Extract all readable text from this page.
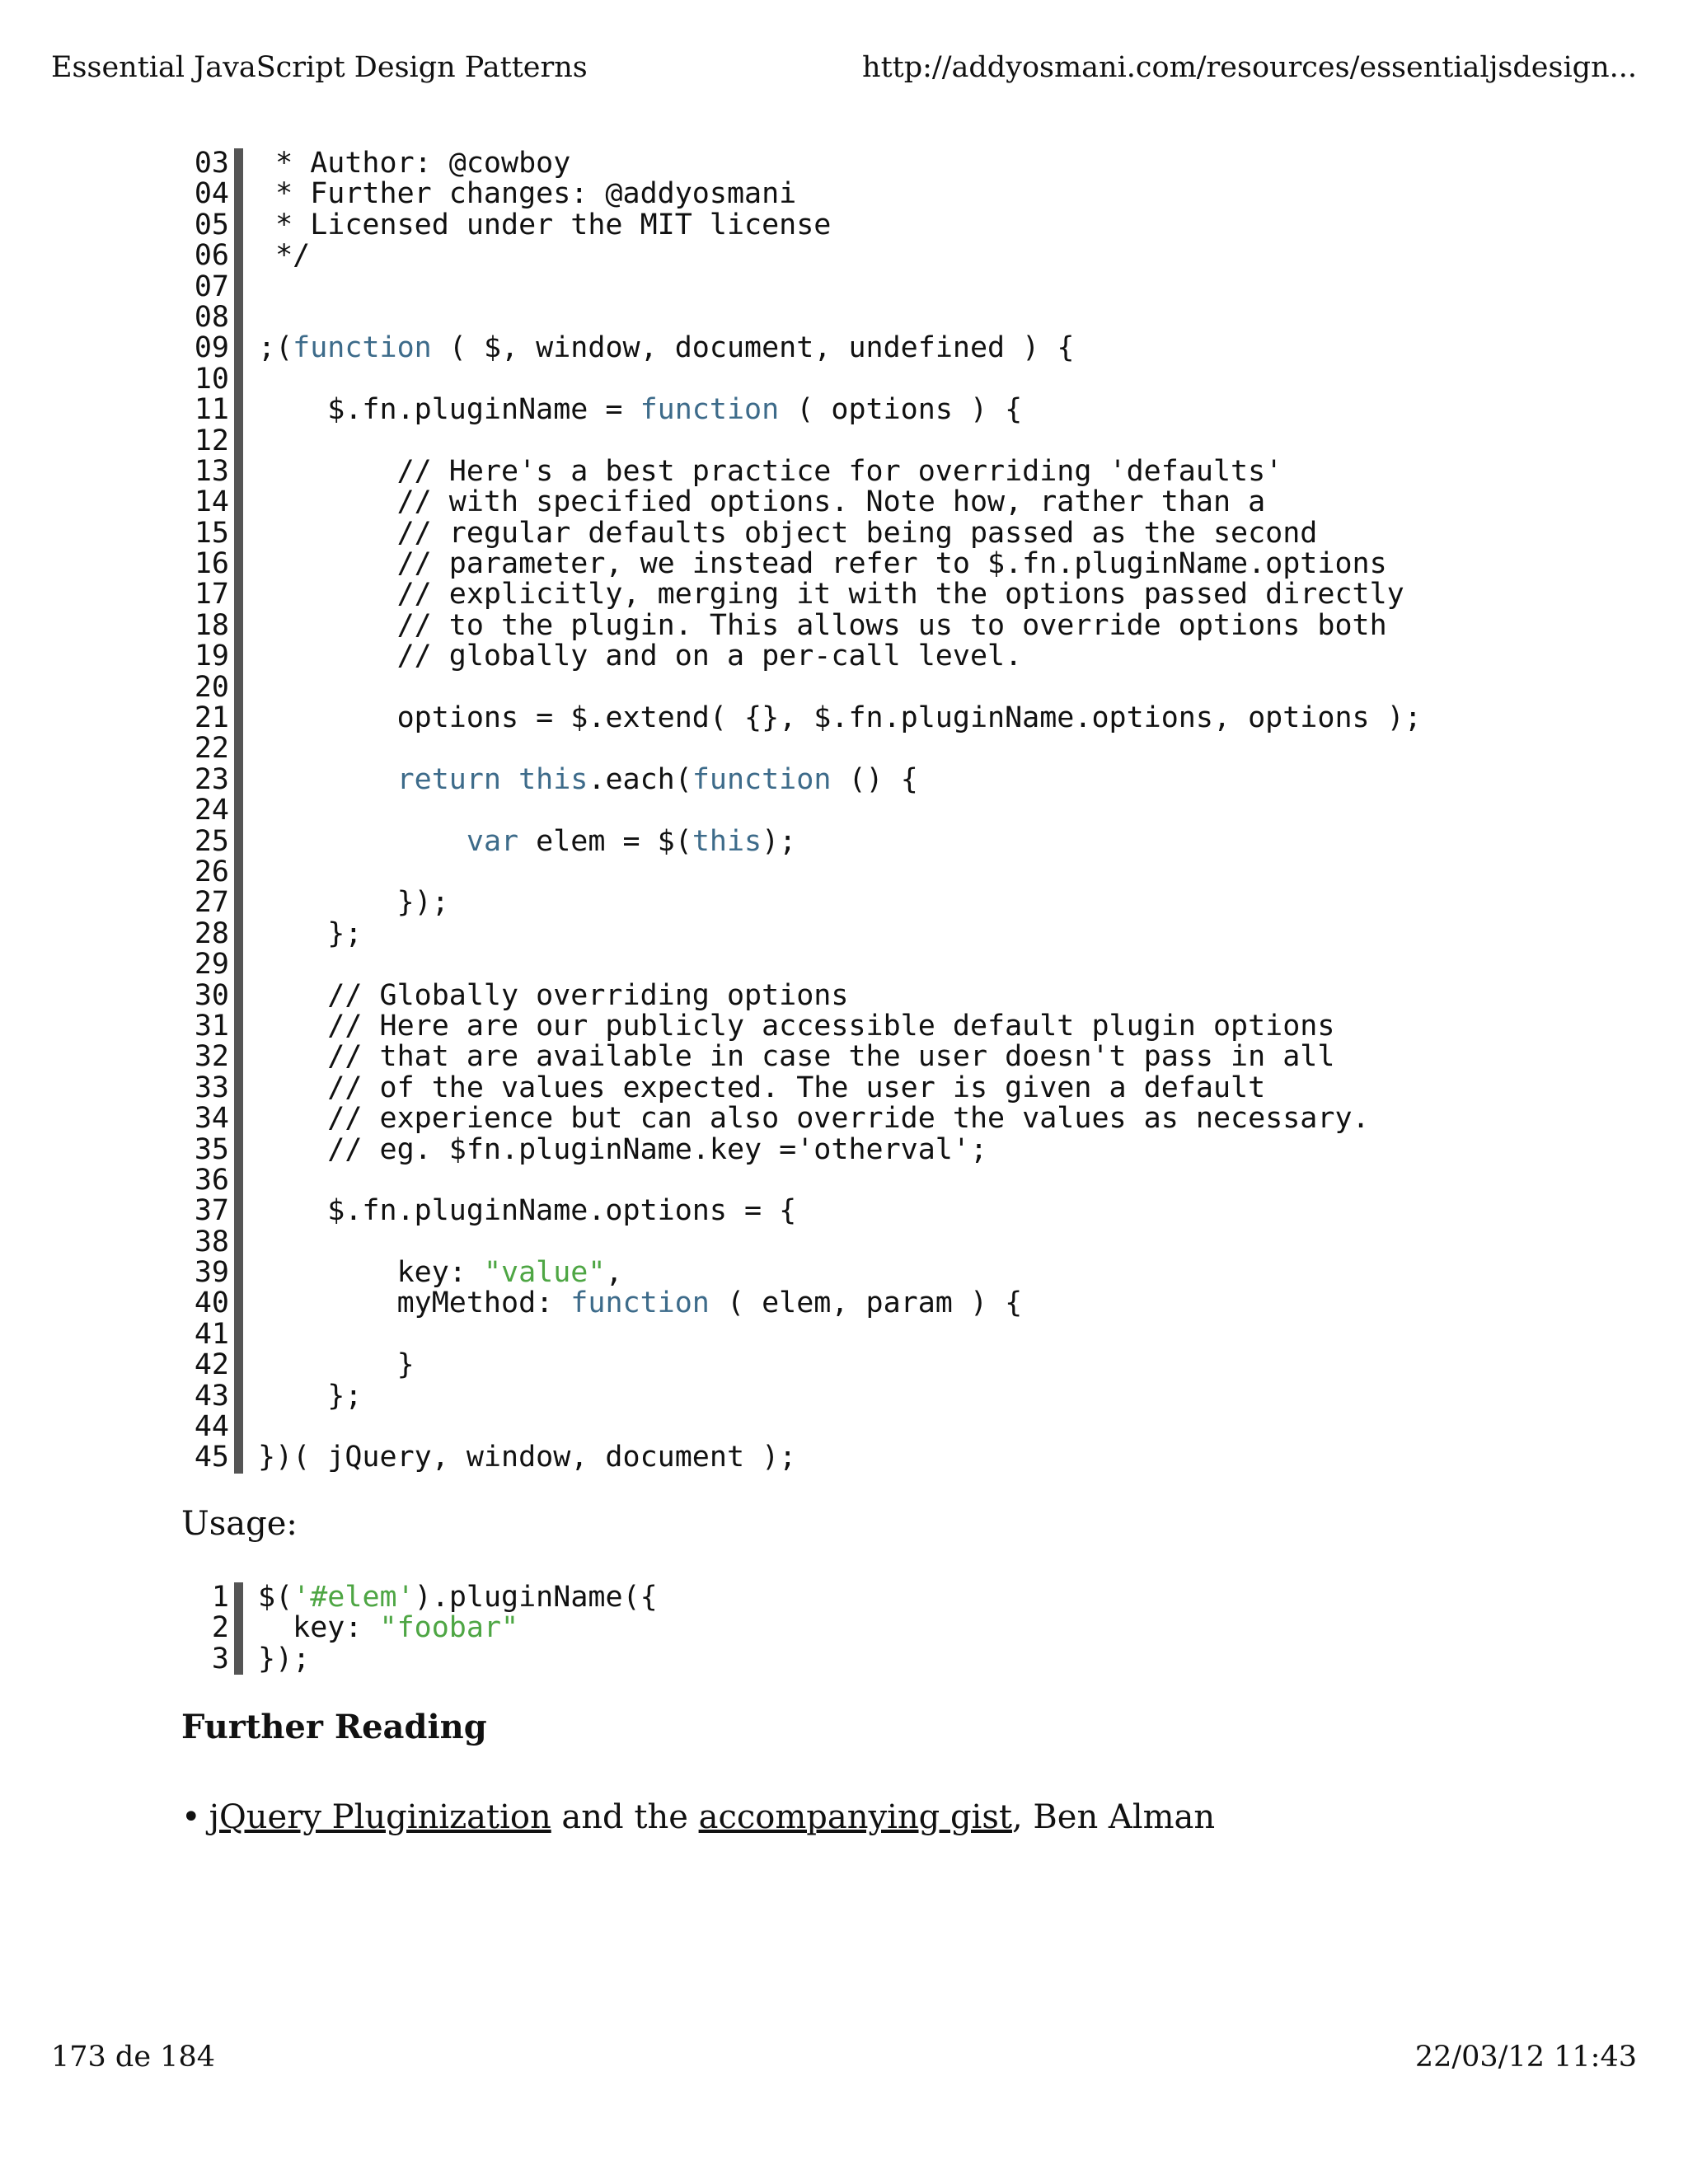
Essential JavaScript Design Patterns	http://addyosmani.com/resources/essentialjsdesign...
03 * Author: @cowboy
04 * Further changes: @addyosmani
05 * Licensed under the MIT license
06 */
07
08
09 ;(function ( $, window, document, undefined ) {
10
11 $.fn.pluginName = function ( options ) {
12
13 // Here's a best practice for overriding 'defaults'
14 // with specified options. Note how, rather than a
15 // regular defaults object being passed as the second
16 // parameter, we instead refer to $.fn.pluginName.options
17 // explicitly, merging it with the options passed directly
18 // to the plugin. This allows us to override options both
19 // globally and on a per-call level.
20
21 options = $.extend( {}, $.fn.pluginName.options, options );
22
23	return this.each(function () {
24
25	var elem = $(this);
26
27 });
28 };
29
30 // Globally overriding options
31 // Here are our publicly accessible default plugin options
32 // that are available in case the user doesn't pass in all
33 // of the values expected. The user is given a default
34 // experience but can also override the values as necessary.
35 // eg. $fn.pluginName.key ='otherval';
36
37 $.fn.pluginName.options = {
38
39 key: "value",
40 myMethod: function ( elem, param ) {
41
42 }
43 };
44
45 })( jQuery, window, document );
Usage:
1 $('#elem').pluginName({
2 key: "foobar"
3 });
Further Reading
• jQuery Pluginization and the accompanying gist, Ben Alman
173 de 184	22/03/12 11:43
